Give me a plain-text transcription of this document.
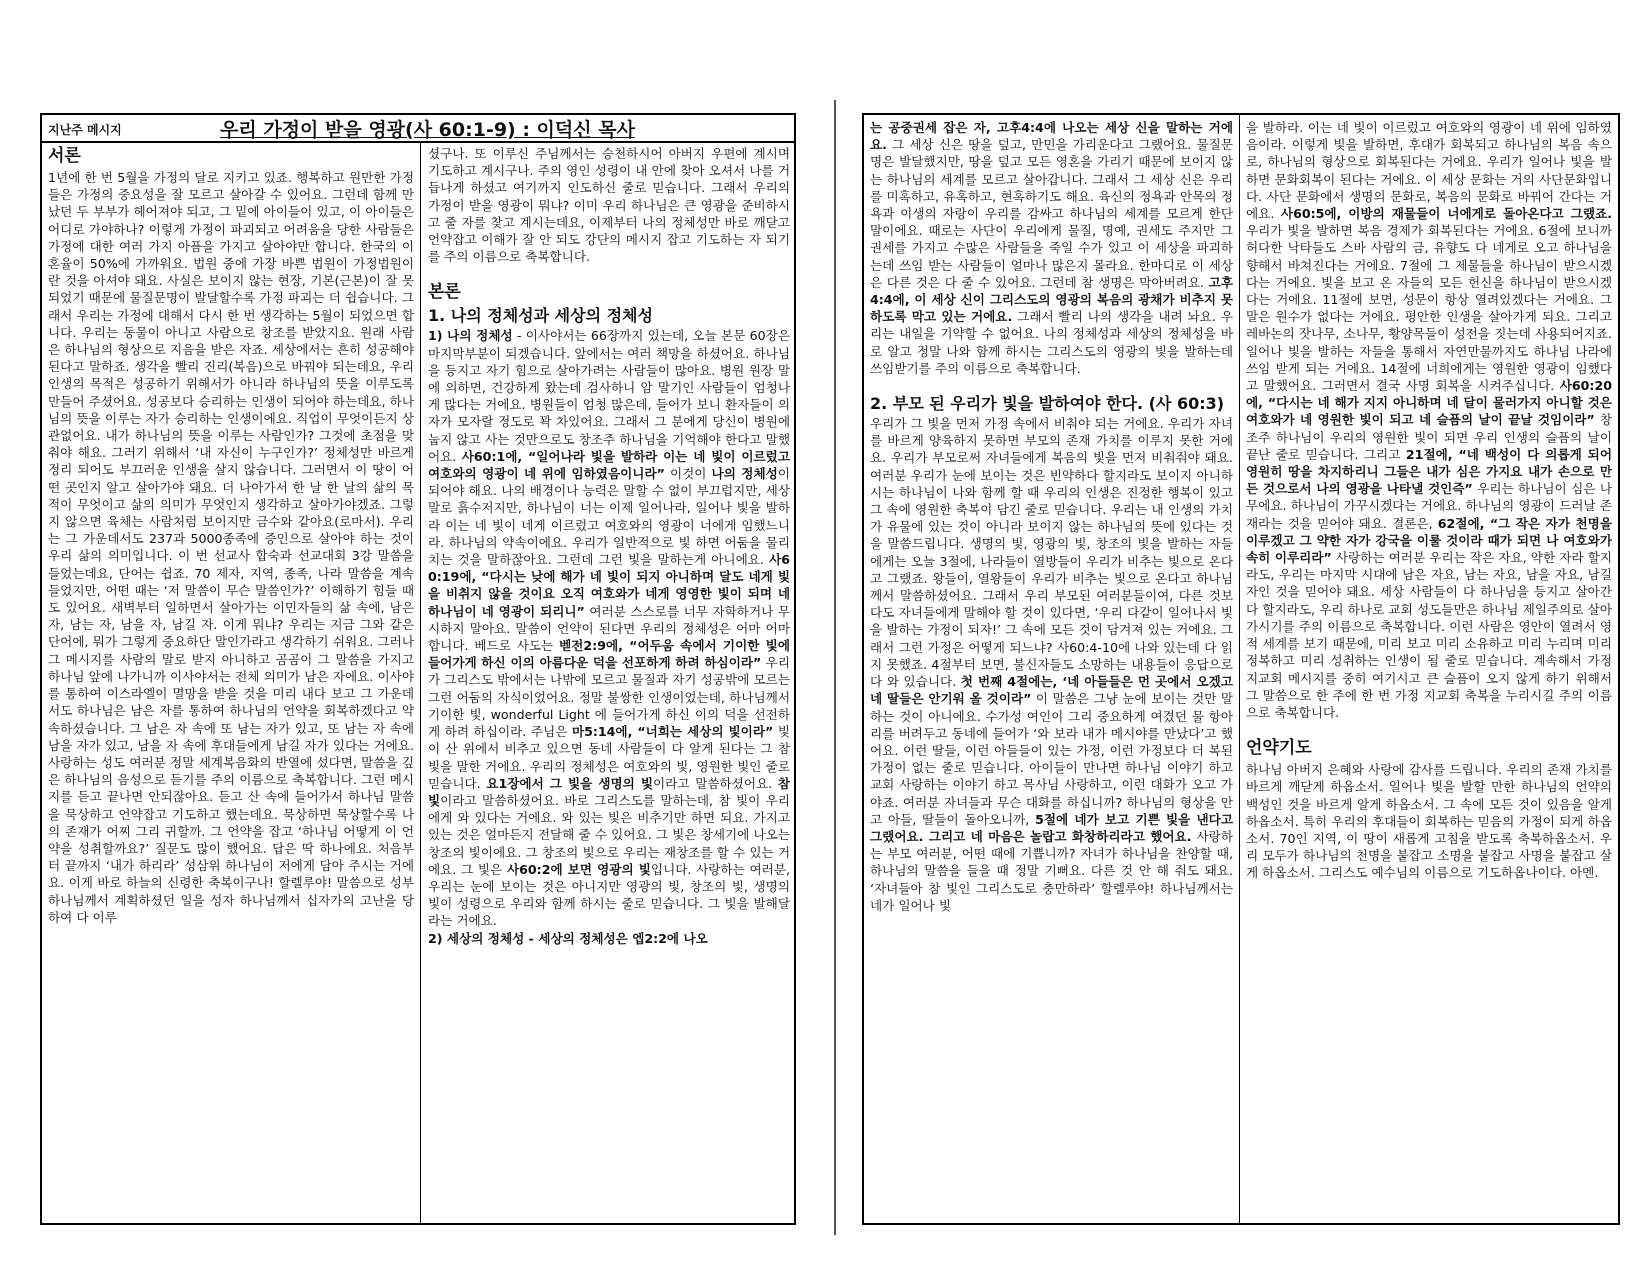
지난주 메시지	우리 가정이 받을 영광(사 60:1-9) : 이덕신 목사
서론

1년에 한 번 5월을 가정의 달로 지키고 있죠. 행복하고 원만한 가정들은 가정의 중요성을 잘 모르고 살아갈 수 있어요. 그런데 함께 만났던 두 부부가 헤어져야 되고, 그 밑에 아이들이 있고, 이 아이들은 어디로 가야하나? 이렇게 가정이 파괴되고 어려움을 당한 사람들은 가정에 대한 여러 가지 아픔을 가지고 살아야만 합니다. 한국의 이혼율이 50%에 가까워요. 법원 중에 가장 바쁜 법원이 가정법원이란 것을 아셔야 돼요. 사실은 보이지 않는 현장, 기본(근본)이 잘 못 되었기 때문에 물질문명이 발달할수록 가정 파괴는 더 쉽습니다. 그래서 우리는 가정에 대해서 다시 한 번 생각하는 5월이 되었으면 합니다. 우리는 동물이 아니고 사람으로 창조를 받았지요. 원래 사람은 하나님의 형상으로 지음을 받은 자죠. 세상에서는 흔히 성공해야 된다고 말하죠. 생각을 빨리 진리(복음)으로 바꿔야 되는데요, 우리 인생의 목적은 성공하기 위해서가 아니라 하나님의 뜻을 이루도록 만들어 주셨어요. 성공보다 승리하는 인생이 되어야 하는데요, 하나님의 뜻을 이루는 자가 승리하는 인생이에요. 직업이 무엇이든지 상관없어요. 내가 하나님의 뜻을 이루는 사람인가? 그것에 초점을 맞춰야 해요. 그러기 위해서 ‘내 자신이 누구인가?’ 정체성만 바르게 정리 되어도 부끄러운 인생을 살지 않습니다. 그러면서 이 땅이 어떤 곳인지 알고 살아가야 돼요. 더 나아가서 한 날 한 날의 삶의 목적이 무엇이고 삶의 의미가 무엇인지 생각하고 살아가야겠죠. 그렇지 않으면 육체는 사람처럼 보이지만 금수와 같아요(로마서). 우리는 그 가운데서도 237과 5000종족에 증인으로 살아야 하는 것이 우리 삶의 의미입니다. 이 번 선교사 합숙과 선교대회 3강 말씀을 들었는데요, 단어는 쉽죠. 70 제자, 지역, 종족, 나라 말씀을 계속 들었지만, 어떤 때는 ‘저 말씀이 무슨 말씀인가?’ 이해하기 힘들 때도 있어요. 새벽부터 일하면서 살아가는 이민자들의 삶 속에, 남은 자, 남는 자, 남을 자, 남길 자. 이게 뭐냐? 우리는 지금 그와 같은 단어에, 뭐가 그렇게 중요하단 말인가라고 생각하기 쉬워요. 그러나 그 메시지를 사람의 말로 받지 아니하고 곰곰이 그 말씀을 가지고 하나님 앞에 나가니까 이사야서는 전체 의미가 남은 자에요. 이사야를 통하여 이스라엘이 멸망을 받을 것을 미리 내다 보고 그 가운데서도 하나님은 남은 자를 통하여 하나님의 언약을 회복하겠다고 약속하셨습니다. 그 남은 자 속에 또 남는 자가 있고, 또 남는 자 속에 남을 자가 있고, 남을 자 속에 후대들에게 남길 자가 있다는 거에요. 사랑하는 성도 여러분 정말 세계복음화의 반열에 섰다면, 말씀을 깊은 하나님의 음성으로 듣기를 주의 이름으로 축복합니다. 그런 메시지를 듣고 끝나면 안되잖아요. 듣고 산 속에 들어가서 하나님 말씀을 묵상하고 언약잡고 기도하고 했는데요. 묵상하면 묵상할수록 나의 존재가 어찌 그리 귀할까. 그 언약을 잡고 ‘하나님 어떻게 이 언약을 성취할까요?’ 질문도 많이 했어요. 답은 딱 하나에요. 처음부터 끝까지 ‘내가 하리라’ 성삼위 하나님이 저에게 담아 주시는 거에요. 이게 바로 하늘의 신령한 축복이구나! 할렐루야! 말씀으로 성부 하나님께서 계획하셨던 일을 성자 하나님께서 십자가의 고난을 당하여 다 이루

셨구나. 또 이루신 주님께서는 승천하시어 아버지 우편에 계시며 기도하고 계시구나. 주의 영인 성령이 내 안에 찾아 오셔서 나를 거듭나게 하셨고 여기까지 인도하신 줄로 믿습니다. 그래서 우리의 가정이 받을 영광이 뭐냐? 이미 우리 하나님은 큰 영광을 준비하시고 줄 자를 찾고 계시는데요, 이제부터 나의 정체성만 바로 깨닫고 언약잡고 이해가 잘 안 되도 강단의 메시지 잡고 기도하는 자 되기를 주의 이름으로 축복합니다.

본론
1. 나의 정체성과 세상의 정체성

1) 나의 정체성 - 이사야서는 66장까지 있는데, 오늘 본문 60장은 마지막부분이 되겠습니다. 앞에서는 여러 책망을 하셨어요. 하나님을 등지고 자기 힘으로 살아가려는 사람들이 많아요. 병원 원장 말에 의하면, 건강하게 왔는데 검사하니 암 말기인 사람들이 엄청나게 많다는 거에요. 병원들이 엄청 많은데, 들어가 보니 환자들이 의자가 모자랄 정도로 꽉 차있어요. 그래서 그 분에게 당신이 병원에 눕지 않고 사는 것만으로도 창조주 하나님을 기억해야 한다고 말했어요. 사60:1에, “일어나라 빛을 발하라 이는 네 빛이 이르렀고 여호와의 영광이 네 위에 임하였음이니라” 이것이 나의 정체성이 되어야 해요. 나의 배경이나 능력은 말할 수 없이 부끄럽지만, 세상 말로 흙수저지만, 하나님이 너는 이제 일어나라, 일어나 빛을 발하라 이는 네 빛이 네게 이르렀고 여호와의 영광이 너에게 임했느니라. 하나님의 약속이에요. 우리가 일반적으로 빛 하면 어둠을 물리치는 것을 말하잖아요. 그런데 그런 빛을 말하는게 아니에요. 사60:19에, “다시는 낮에 해가 네 빛이 되지 아니하며 달도 네게 빛을 비취지 않을 것이요 오직 여호와가 네게 영영한 빛이 되며 네 하나님이 네 영광이 되리니” 여러분 스스로를 너무 자학하거나 무시하지 말아요. 말씀이 언약이 된다면 우리의 정체성은 어마 어마 합니다. 베드로 사도는 벧전2:9에, “어두움 속에서 기이한 빛에 들어가게 하신 이의 아름다운 덕을 선포하게 하려 하심이라” 우리가 그리스도 밖에서는 나밖에 모르고 물질과 자기 성공밖에 모르는 그런 어둠의 자식이었어요. 정말 불쌍한 인생이었는데, 하나님께서 기이한 빛, wonderful Light 에 들어가게 하신 이의 덕을 선전하게 하려 하십이라. 주님은 마5:14에, “너희는 세상의 빛이라” 빛이 산 위에서 비추고 있으면 동네 사람들이 다 알게 된다는 그 참 빛을 말한 거에요. 우리의 정체성은 여호와의 빛, 영원한 빛인 줄로 믿습니다. 요1장에서 그 빛을 생명의 빛이라고 말씀하셨어요. 참빛이라고 말씀하셨어요. 바로 그리스도를 말하는데, 참 빛이 우리에게 와 있다는 거에요. 와 있는 빛은 비추기만 하면 되요. 가지고 있는 것은 얼마든지 전달해 줄 수 있어요. 그 빛은 창세기에 나오는 창조의 빛이에요. 그 창조의 빛으로 우리는 재창조를 할 수 있는 거에요. 그 빛은 사60:2에 보면 영광의 빛입니다. 사랑하는 여러분, 우리는 눈에 보이는 것은 아니지만 영광의 빛, 창조의 빛, 생명의 빛이 성령으로 우리와 함께 하시는 줄로 믿습니다. 그 빛을 발해달라는 거에요.

2) 세상의 정체성 - 세상의 정체성은 엡2:2에 나오

는 공중권세 잡은 자, 고후4:4에 나오는 세상 신을 말하는 거에요. 그 세상 신은 땅을 덮고, 만민을 가리운다고 그랬어요. 물질문명은 발달했지만, 땅을 덮고 모든 영혼을 가리기 때문에 보이지 않는 하나님의 세계를 모르고 살아갑니다. 그래서 그 세상 신은 우리를 미혹하고, 유혹하고, 현혹하기도 해요. 육신의 정욕과 안목의 정욕과 이생의 자랑이 우리를 감싸고 하나님의 세계를 모르게 한단 말이에요. 때로는 사단이 우리에게 물질, 명예, 권세도 주지만 그 권세를 가지고 수많은 사람들을 죽일 수가 있고 이 세상을 파괴하는데 쓰임 받는 사람들이 얼마나 많은지 몰라요. 한마디로 이 세상은 다른 것은 다 줄 수 있어요. 그런데 참 생명은 막아버려요. 고후4:4에, 이 세상 신이 그리스도의 영광의 복음의 광채가 비추지 못하도록 막고 있는 거에요. 그래서 빨리 나의 생각을 내려 놔요. 우리는 내일을 기약할 수 없어요. 나의 정체성과 세상의 정체성을 바로 알고 정말 나와 함께 하시는 그리스도의 영광의 빛을 발하는데 쓰임받기를 주의 이름으로 축복합니다.

2. 부모 된 우리가 빛을 발하여야 한다. (사 60:3)

우리가 그 빛을 먼저 가정 속에서 비춰야 되는 거에요. 우리가 자녀를 바르게 양육하지 못하면 부모의 존재 가치를 이루지 못한 거에요. 우리가 부모로써 자녀들에게 복음의 빛을 먼저 비춰줘야 돼요. 여러분 우리가 눈에 보이는 것은 빈약하다 할지라도 보이지 아니하시는 하나님이 나와 함께 할 때 우리의 인생은 진정한 행복이 있고 그 속에 영원한 축복이 담긴 줄로 믿습니다. 우리는 내 인생의 가치가 유물에 있는 것이 아니라 보이지 않는 하나님의 뜻에 있다는 것을 말씀드립니다. 생명의 빛, 영광의 빛, 창조의 빛을 발하는 자들에게는 오늘 3절에, 나라들이 열방들이 우리가 비추는 빛으로 온다고 그랬죠. 왕들이, 열왕들이 우리가 비추는 빛으로 온다고 하나님께서 말씀하셨어요. 그래서 우리 부모된 여러분들이여, 다른 것보다도 자녀들에게 말해야 할 것이 있다면, ‘우리 다같이 일어나서 빛을 발하는 가정이 되자!’ 그 속에 모든 것이 담겨져 있는 거에요. 그래서 그런 가정은 어떻게 되느냐? 사60:4-10에 나와 있는데 다 읽지 못했죠. 4절부터 보면, 불신자들도 소망하는 내용들이 응답으로 다 와 있습니다. 첫 번째 4절에는, ‘네 아들들은 먼 곳에서 오겠고 네 딸들은 안기워 올 것이라” 이 말씀은 그냥 눈에 보이는 것만 말하는 것이 아니에요. 수가성 여인이 그리 중요하게 여겼던 물 항아리를 버려두고 동네에 들어가 ‘와 보라 내가 메시야를 만났다’고 했어요. 이런 딸들, 이런 아들들이 있는 가정, 이런 가정보다 더 복된 가정이 없는 줄로 믿습니다. 아이들이 만나면 하나님 이야기 하고 교회 사랑하는 이야기 하고 목사님 사랑하고, 이런 대화가 오고 가야죠. 여러분 자녀들과 무슨 대화를 하십니까? 하나님의 형상을 안고 아들, 딸들이 돌아오니까, 5절에 네가 보고 기쁜 빛을 낸다고 그랬어요. 그리고 네 마음은 놀랍고 화창하리라고 했어요. 사랑하는 부모 여러분, 어떤 때에 기쁩니까? 자녀가 하나님을 찬양할 때, 하나님의 말씀을 들을 때 정말 기뻐요. 다른 것 안 해 줘도 돼요. ‘자녀들아 참 빛인 그리스도로 충만하라’ 할렐루야! 하나님께서는 네가 일어나 빛

을 발하라. 이는 네 빛이 이르렀고 여호와의 영광이 네 위에 임하였음이라. 이렇게 빛을 발하면, 후대가 회복되고 하나님의 복음 속으로, 하나님의 형상으로 회복된다는 거에요. 우리가 일어나 빛을 발하면 문화회복이 된다는 거에요. 이 세상 문화는 거의 사단문화입니다. 사단 문화에서 생명의 문화로, 복음의 문화로 바꿔어 간다는 거에요. 사60:5에, 이방의 재물들이 너에게로 돌아온다고 그랬죠. 우리가 빛을 발하면 복음 경제가 회복된다는 거에요. 6절에 보니까 허다한 낙타들도 스바 사람의 금, 유향도 다 네게로 오고 하나님을 향해서 바쳐진다는 거에요. 7절에 그 제물들을 하나님이 받으시겠다는 거에요. 빛을 보고 온 자들의 모든 헌신을 하나님이 받으시겠다는 거에요. 11절에 보면, 성문이 항상 열려있겠다는 거에요. 그 말은 원수가 없다는 거에요. 평안한 인생을 살아가게 되요. 그리고 레바논의 잣나무, 소나무, 황양목들이 성전을 짓는데 사용되어지죠. 일어나 빛을 발하는 자들을 통해서 자연만물까지도 하나님 나라에 쓰임 받게 되는 거에요. 14절에 너희에게는 영원한 영광이 임했다고 말했어요. 그러면서 결국 사명 회복을 시켜주십니다. 사60:20에, “다시는 네 해가 지지 아니하며 네 달이 물러가지 아니할 것은 여호와가 네 영원한 빛이 되고 네 슬픔의 날이 끝날 것임이라” 창조주 하나님이 우리의 영원한 빛이 되면 우리 인생의 슬픔의 날이 끝난 줄로 믿습니다. 그리고 21절에, “네 백성이 다 의롭게 되어 영원히 땅을 차지하리니 그들은 내가 심은 가지요 내가 손으로 만든 것으로서 나의 영광을 나타낼 것인즉” 우리는 하나님이 심은 나무에요. 하나님이 가꾸시겠다는 거에요. 하나님의 영광이 드러날 존재라는 것을 믿어야 돼요. 결론은, 62절에, “그 작은 자가 천명을 이루겠고 그 약한 자가 강국을 이룰 것이라 때가 되면 나 여호와가 속히 이루리라” 사랑하는 여러분 우리는 작은 자요, 약한 자라 할지라도, 우리는 마지막 시대에 남은 자요, 남는 자요, 남을 자요, 남길 자인 것을 믿어야 돼요. 세상 사람들이 다 하나님을 등지고 살아간다 할지라도, 우리 하나로 교회 성도들만은 하나님 제일주의로 살아가시기를 주의 이름으로 축복합니다. 이런 사람은 영안이 열려서 영적 세계를 보기 때문에, 미리 보고 미리 소유하고 미리 누리며 미리 정복하고 미리 성취하는 인생이 될 줄로 믿습니다. 계속해서 가정 지교회 메시지를 중히 여기시고 큰 슬픔이 오지 않게 하기 위해서 그 말씀으로 한 주에 한 번 가정 지교회 축복을 누리시길 주의 이름으로 축복합니다.

언약기도

하나님 아버지 은혜와 사랑에 감사를 드립니다. 우리의 존재 가치를 바르게 깨닫게 하옵소서. 일어나 빛을 발할 만한 하나님의 언약의 백성인 것을 바르게 알게 하옵소서. 그 속에 모든 것이 있음을 알게 하옵소서. 특히 우리의 후대들이 회복하는 믿음의 가정이 되게 하옵소서. 70인 지역, 이 땅이 새롭게 고침을 받도록 축복하옵소서. 우리 모두가 하나님의 천명을 붙잡고 소명을 붙잡고 사명을 붙잡고 살게 하옵소서. 그리스도 예수님의 이름으로 기도하옵나이다. 아멘.
